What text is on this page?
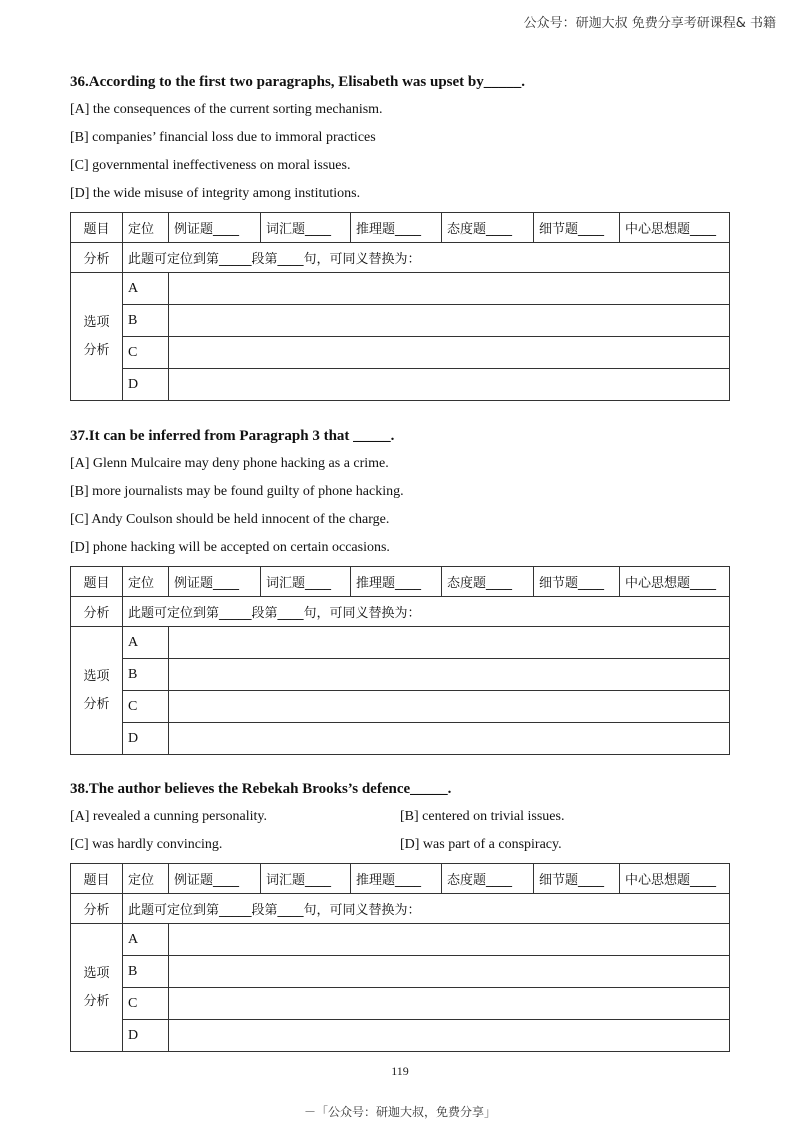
公众号：研迦大叔 免费分享考研课程& 书籍
36.According to the first two paragraphs, Elisabeth was upset by_____.
[A] the consequences of the current sorting mechanism.
[B] companies’ financial loss due to immoral practices
[C] governmental ineffectiveness on moral issues.
[D] the wide misuse of integrity among institutions.
题目	定位	例证题____	词汇题____	推理题____	态度题____	细节题____	中心思想题____
分析	此题可定位到第_____段第____句，可同义替换为：						

选项
分析	A						
	B						
	C						
	D						
37.It can be inferred from Paragraph 3 that _____.
[A] Glenn Mulcaire may deny phone hacking as a crime.
[B] more journalists may be found guilty of phone hacking.
[C] Andy Coulson should be held innocent of the charge.
[D] phone hacking will be accepted on certain occasions.
题目	定位	例证题____	词汇题____	推理题____	态度题____	细节题____	中心思想题____
分析	此题可定位到第_____段第____句，可同义替换为：						

选项
分析	A						
	B						
	C						
	D						
38.The author believes the Rebekah Brooks’s defence_____.
[A] revealed a cunning personality.	[B] centered on trivial issues.
[C] was hardly convincing.	[D] was part of a conspiracy.
题目	定位	例证题____	词汇题____	推理题____	态度题____	细节题____	中心思想题____
分析	此题可定位到第_____段第____句，可同义替换为：						

选项
分析	A						
	B						
	C						
	D						
119
－「公众号：研迦大叔，免费分享」
